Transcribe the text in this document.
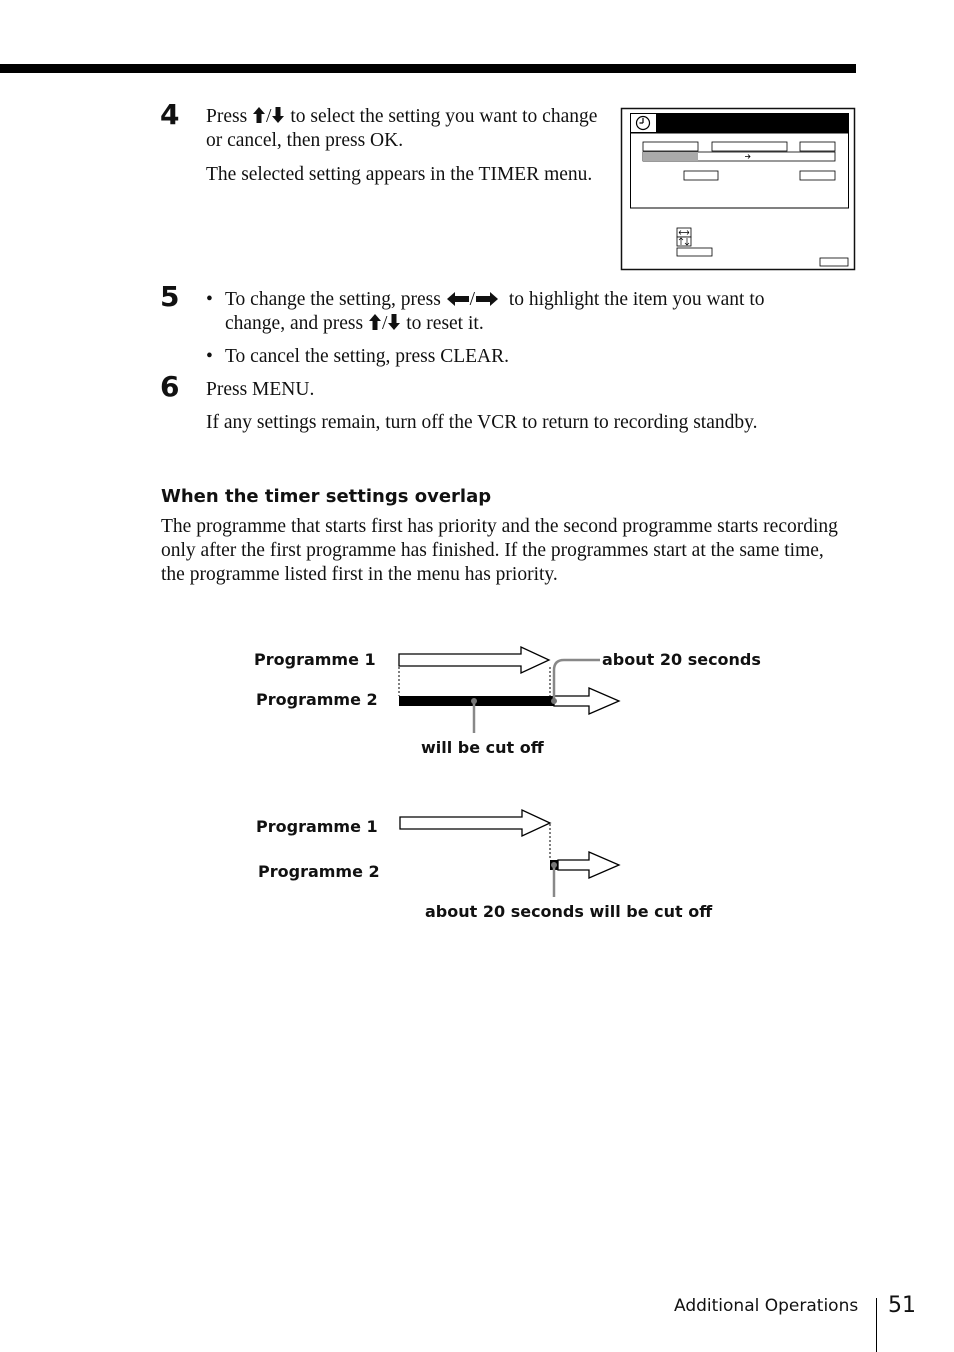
4 Press / to select the setting you want to change or cancel, then press OK.

The selected setting appears in the TIMER menu.

5 • To change the setting, press / to highlight the item you want to
change, and press / to reset it.
• To cancel the setting, press CLEAR.
6 Press MENU.

If any settings remain, turn off the VCR to return to recording standby.

When the timer settings overlap
The programme that starts first has priority and the second programme starts recording only after the first programme has finished. If the programmes start at the same time, the programme listed first in the menu has priority.
Programme 1
Programme 2
about 20 seconds
will be cut off
Programme 1
Programme 2
about 20 seconds will be cut off
Additional Operations 51
